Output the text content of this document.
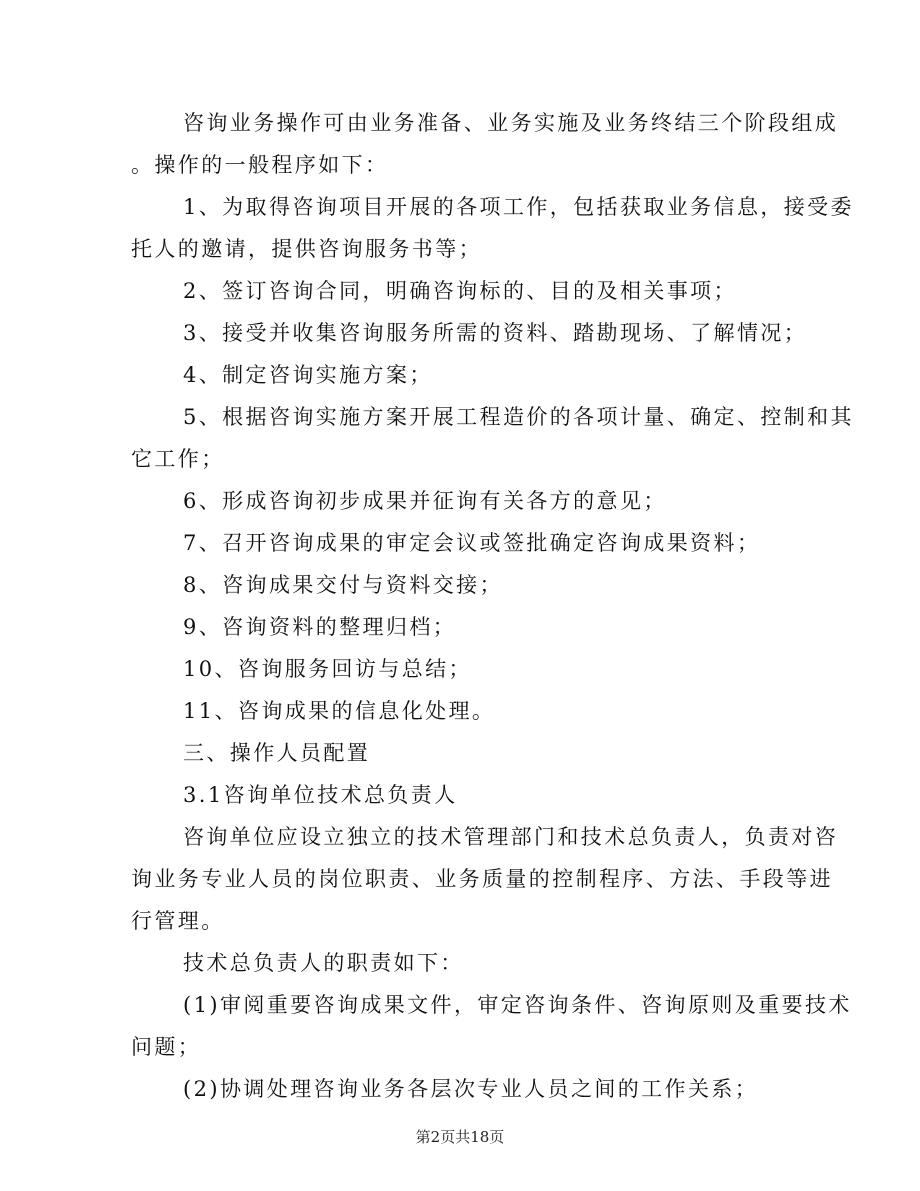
咨询业务操作可由业务准备、业务实施及业务终结三个阶段组成
。操作的一般程序如下：
1、为取得咨询项目开展的各项工作，包括获取业务信息，接受委
托人的邀请，提供咨询服务书等；
2、签订咨询合同，明确咨询标的、目的及相关事项；
3、接受并收集咨询服务所需的资料、踏勘现场、了解情况；
4、制定咨询实施方案；
5、根据咨询实施方案开展工程造价的各项计量、确定、控制和其
它工作；
6、形成咨询初步成果并征询有关各方的意见；
7、召开咨询成果的审定会议或签批确定咨询成果资料；
8、咨询成果交付与资料交接；
9、咨询资料的整理归档；
10、咨询服务回访与总结；
11、咨询成果的信息化处理。
三、操作人员配置
3.1咨询单位技术总负责人
咨询单位应设立独立的技术管理部门和技术总负责人，负责对咨
询业务专业人员的岗位职责、业务质量的控制程序、方法、手段等进
行管理。
技术总负责人的职责如下：
(1)审阅重要咨询成果文件，审定咨询条件、咨询原则及重要技术
问题；
(2)协调处理咨询业务各层次专业人员之间的工作关系；
第2页共18页
